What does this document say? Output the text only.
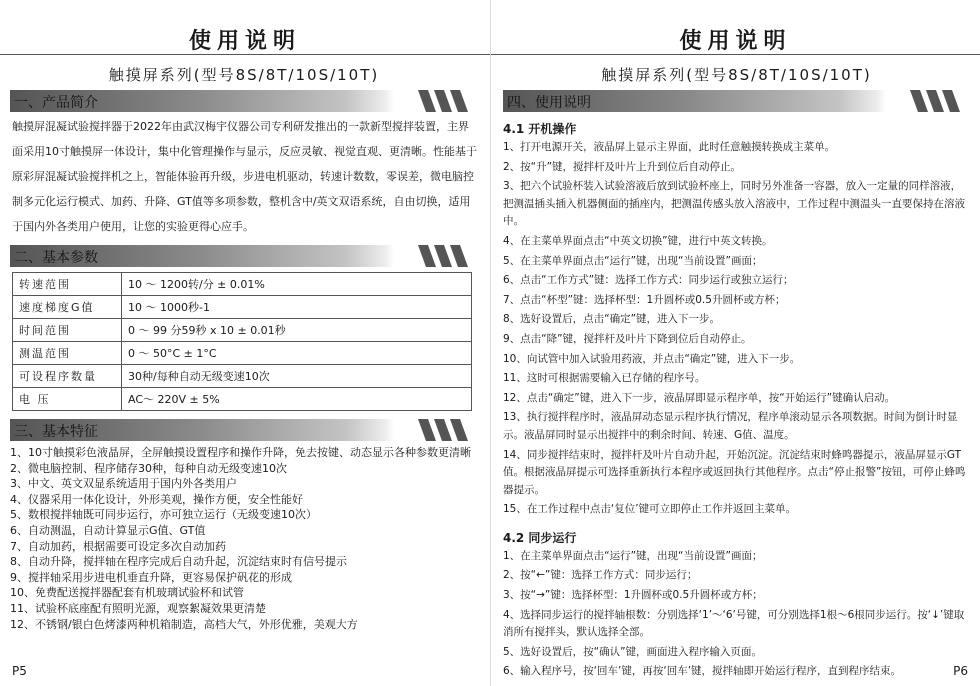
使用说明
触摸屏系列(型号8S/8T/10S/10T)
一、产品简介
触摸屏混凝试验搅拌器于2022年由武汉梅宇仪器公司专利研发推出的一款新型搅拌装置，主界面采用10寸触摸屏一体设计，集中化管理操作与显示，反应灵敏、视觉直观、更清晰。性能基于原彩屏混凝试验搅拌机之上，智能体验再升级，步进电机驱动，转速计数数，零误差，微电脑控制多元化运行模式、加药、升降、GT值等多项参数，整机含中/英文双语系统，自由切换，适用于国内外各类用户使用，让您的实验更得心应手。
二、基本参数
转速范围	10 ～ 1200转/分 ± 0.01%
速度梯度G值	10 ～ 1000秒-1
时间范围	0 ～ 99 分59秒 x 10 ± 0.01秒
测温范围	0 ～ 50°C ± 1°C
可设程序数量	30种/每种自动无级变速10次
电 压	AC～ 220V ± 5%
三、基本特征
1、10寸触摸彩色液晶屏，全屏触摸设置程序和操作升降，免去按键、动态显示各种参数更清晰
2、微电脑控制、程序储存30种，每种自动无级变速10次
3、中文、英文双显系统适用于国内外各类用户
4、仪器采用一体化设计，外形美观，操作方便，安全性能好
5、数根搅拌轴既可同步运行，亦可独立运行（无级变速10次）
6、自动测温，自动计算显示G值、GT值
7、自动加药，根据需要可设定多次自动加药
8、自动升降，搅拌轴在程序完成后自动升起，沉淀结束时有信号提示
9、搅拌轴采用步进电机垂直升降，更容易保护矾花的形成
10、免费配送搅拌器配套有机玻璃试验杯和试管
11、试验杯底座配有照明光源，观察絮凝效果更清楚
12、不锈钢/银白色烤漆两种机箱制造，高档大气，外形优雅，美观大方
P5
使用说明
触摸屏系列(型号8S/8T/10S/10T)
四、使用说明
4.1 开机操作
1、打开电源开关，液晶屏上显示主界面，此时任意触摸转换成主菜单。
2、按“升”键，搅拌杆及叶片上升到位后自动停止。
3、把六个试验杯装入试验溶液后放到试验杯座上，同时另外准备一容器，放入一定量的同样溶液，把测温插头插入机器侧面的插座内，把测温传感头放入溶液中，工作过程中测温头一直要保持在溶液中。
4、在主菜单界面点击“中英文切换”键，进行中英文转换。
5、在主菜单界面点击“运行”键，出现“当前设置”画面；
6、点击“工作方式”键：选择工作方式：同步运行或独立运行；
7、点击“杯型”键：选择杯型：1升圆杯或0.5升圆杯或方杯；
8、选好设置后，点击“确定”键，进入下一步。
9、点击“降”键，搅拌杆及叶片下降到位后自动停止。
10、向试管中加入试验用药液，并点击“确定”键，进入下一步。
11、这时可根据需要输入已存储的程序号。
12、点击“确定”键，进入下一步，液晶屏即显示程序单，按“开始运行”键确认启动。
13、执行搅拌程序时，液晶屏动态显示程序执行情况，程序单滚动显示各项数据。时间为倒计时显示。液晶屏同时显示出搅拌中的剩余时间、转速、G值、温度。
14、同步搅拌结束时，搅拌杆及叶片自动升起，开始沉淀。沉淀结束时蜂鸣器提示，液晶屏显示GT值。根据液晶屏提示可选择重新执行本程序或返回执行其他程序。点击“停止报警”按钮，可停止蜂鸣器提示。
15、在工作过程中点击‘复位’键可立即停止工作并返回主菜单。
4.2 同步运行
1、在主菜单界面点击“运行”键，出现“当前设置”画面；
2、按“←”键：选择工作方式：同步运行；
3、按“→”键：选择杯型：1升圆杯或0.5升圆杯或方杯；
4、选择同步运行的搅拌轴根数：分别选择‘1’～‘6’号键，可分别选择1根～6根同步运行。按‘↓’键取消所有搅拌头，默认选择全部。
5、选好设置后，按“确认”键，画面进入程序输入页面。
6、输入程序号，按‘回车’键，再按‘回车’键，搅拌轴即开始运行程序，直到程序结束。	P6
